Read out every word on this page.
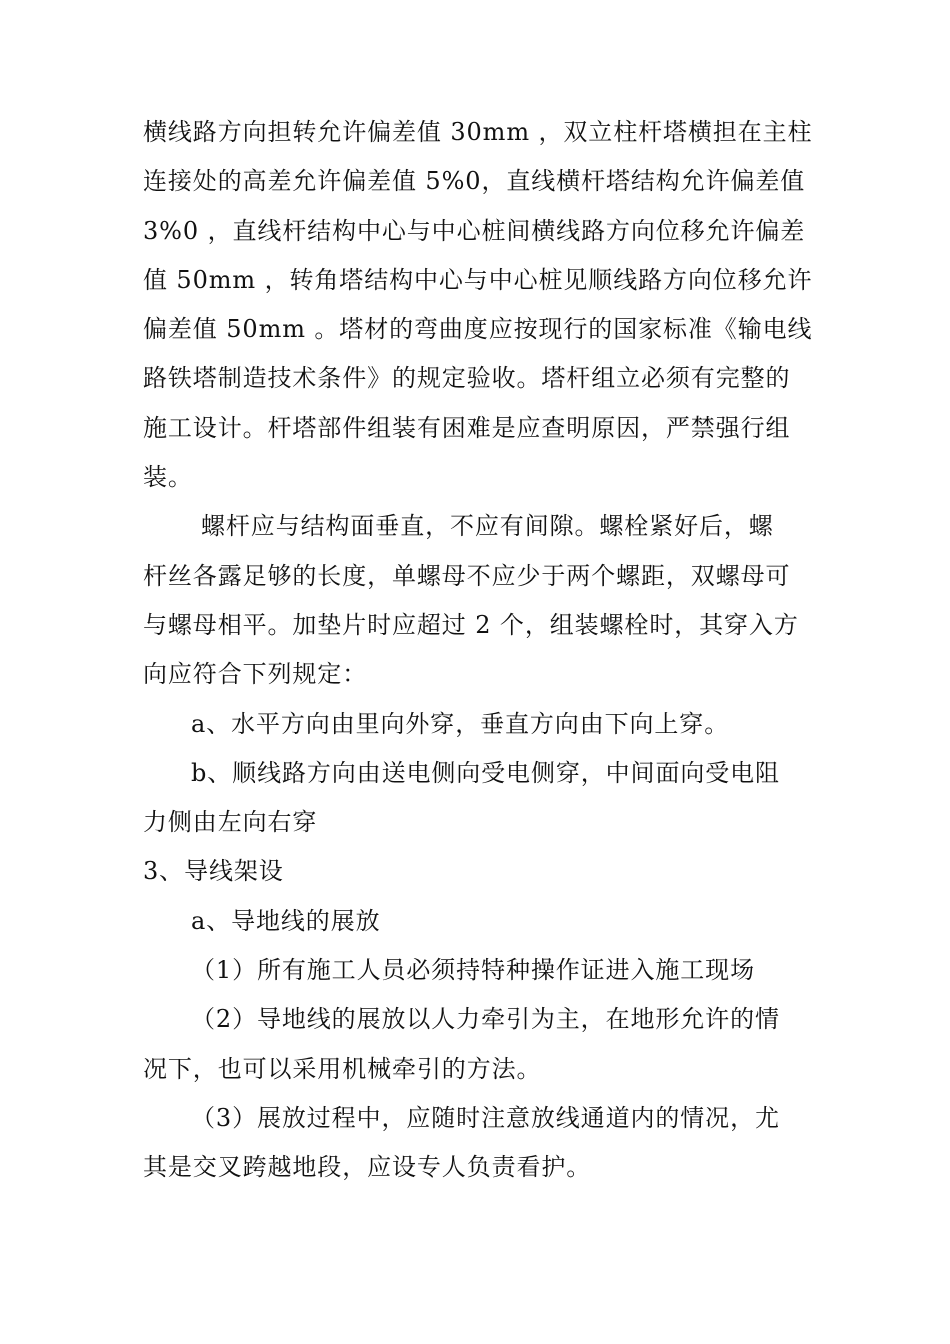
横线路方向担转允许偏差值 30mm ，双立柱杆塔横担在主柱
连接处的高差允许偏差值 5%0，直线横杆塔结构允许偏差值
3%0 ，直线杆结构中心与中心桩间横线路方向位移允许偏差
值 50mm ，转角塔结构中心与中心桩见顺线路方向位移允许
偏差值 50mm 。塔材的弯曲度应按现行的国家标准《输电线
路铁塔制造技术条件》的规定验收。塔杆组立必须有完整的
施工设计。杆塔部件组装有困难是应查明原因，严禁强行组
装。
螺杆应与结构面垂直，不应有间隙。螺栓紧好后，螺
杆丝各露足够的长度，单螺母不应少于两个螺距，双螺母可
与螺母相平。加垫片时应超过 2 个，组装螺栓时，其穿入方
向应符合下列规定：
a、水平方向由里向外穿，垂直方向由下向上穿。
b、顺线路方向由送电侧向受电侧穿，中间面向受电阻
力侧由左向右穿
3、导线架设
a、导地线的展放
（1）所有施工人员必须持特种操作证进入施工现场
（2）导地线的展放以人力牵引为主，在地形允许的情
况下，也可以采用机械牵引的方法。
（3）展放过程中，应随时注意放线通道内的情况，尤
其是交叉跨越地段，应设专人负责看护。
